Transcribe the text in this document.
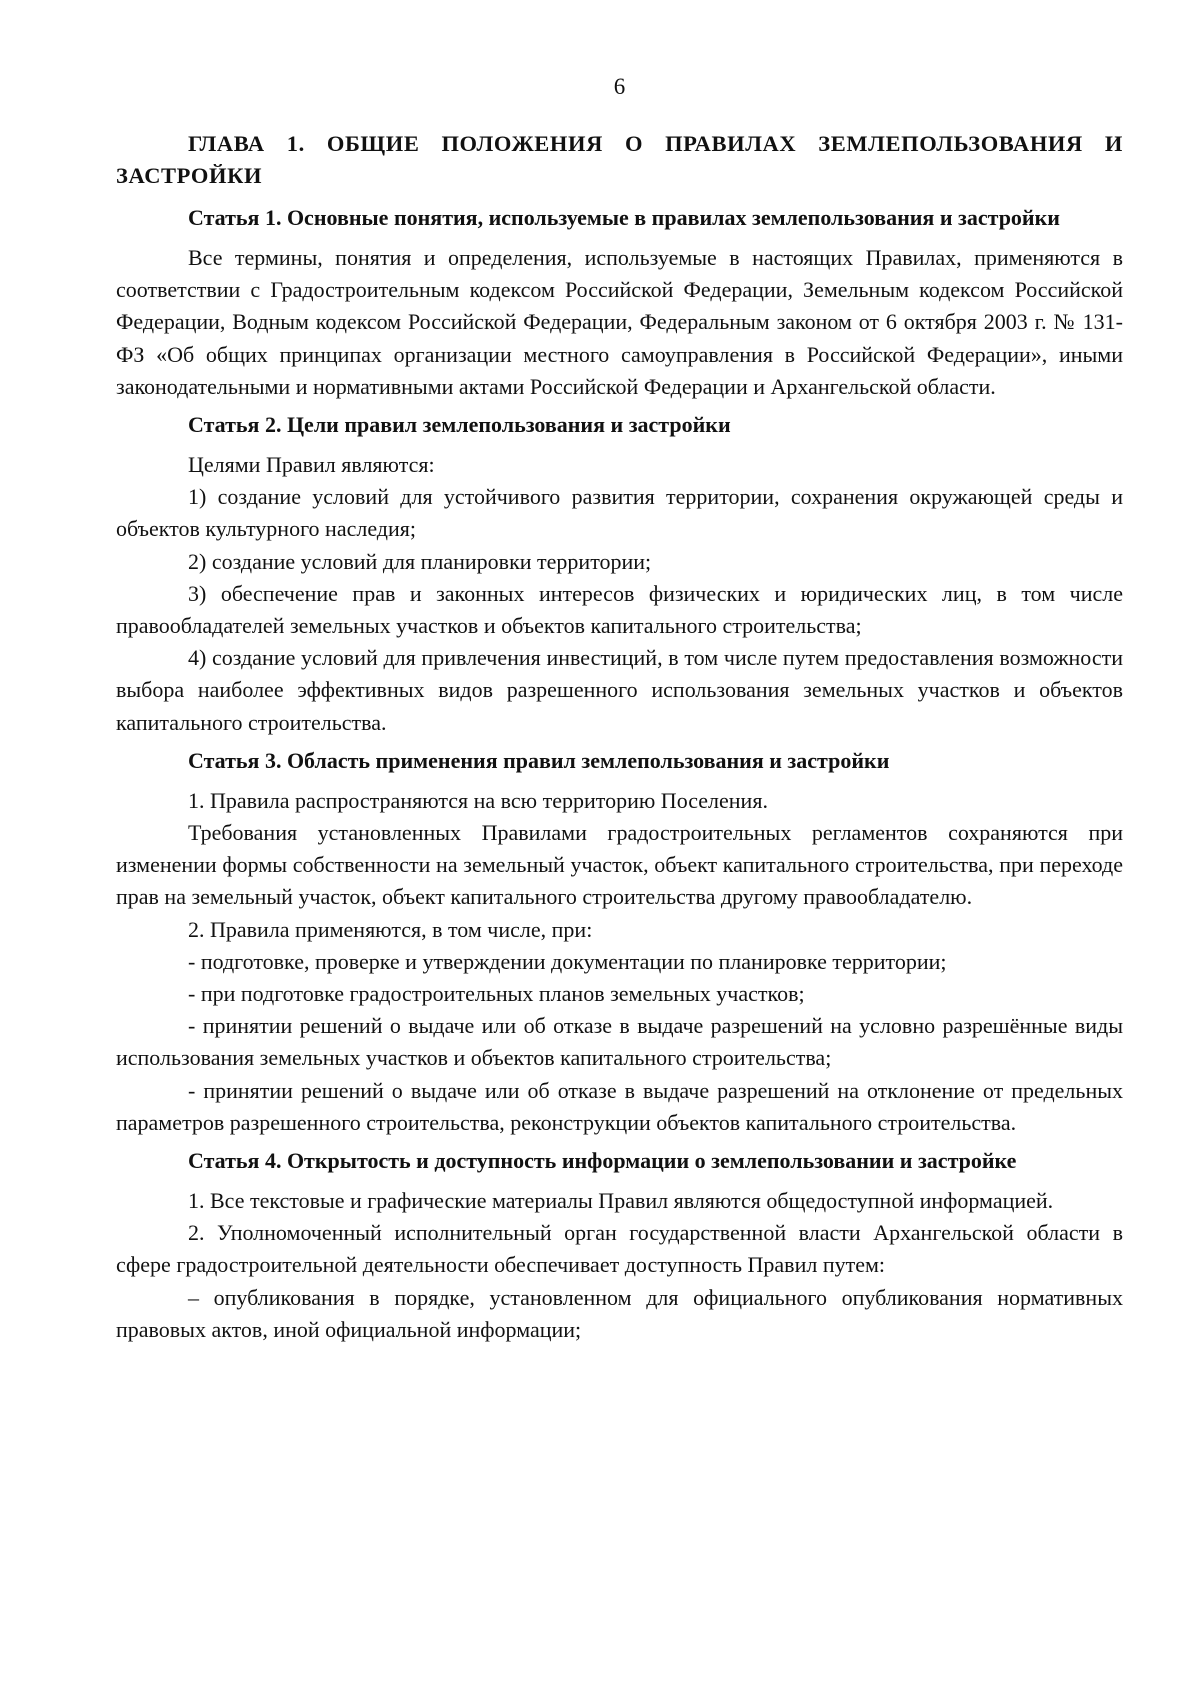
6
ГЛАВА 1. ОБЩИЕ ПОЛОЖЕНИЯ О ПРАВИЛАХ ЗЕМЛЕПОЛЬЗОВАНИЯ И ЗАСТРОЙКИ
Статья 1. Основные понятия, используемые в правилах землепользования и застройки

Все термины, понятия и определения, используемые в настоящих Правилах, применяются в соответствии с Градостроительным кодексом Российской Федерации, Земельным кодексом Российской Федерации, Водным кодексом Российской Федерации, Федеральным законом от 6 октября 2003 г. № 131-ФЗ «Об общих принципах организации местного самоуправления в Российской Федерации», иными законодательными и нормативными актами Российской Федерации и Архангельской области.

Статья 2. Цели правил землепользования и застройки

Целями Правил являются:

1) создание условий для устойчивого развития территории, сохранения окружающей среды и объектов культурного наследия;

2) создание условий для планировки территории;

3) обеспечение прав и законных интересов физических и юридических лиц, в том числе правообладателей земельных участков и объектов капитального строительства;

4) создание условий для привлечения инвестиций, в том числе путем предоставления возможности выбора наиболее эффективных видов разрешенного использования земельных участков и объектов капитального строительства.

Статья 3. Область применения правил землепользования и застройки

1. Правила распространяются на всю территорию Поселения.

Требования установленных Правилами градостроительных регламентов сохраняются при изменении формы собственности на земельный участок, объект капитального строительства, при переходе прав на земельный участок, объект капитального строительства другому правообладателю.

2. Правила применяются, в том числе, при:

- подготовке, проверке и утверждении документации по планировке территории;

- при подготовке градостроительных планов земельных участков;

- принятии решений о выдаче или об отказе в выдаче разрешений на условно разрешённые виды использования земельных участков и объектов капитального строительства;

- принятии решений о выдаче или об отказе в выдаче разрешений на отклонение от предельных параметров разрешенного строительства, реконструкции объектов капитального строительства.

Статья 4. Открытость и доступность информации о землепользовании и застройке

1. Все текстовые и графические материалы Правил являются общедоступной информацией.

2. Уполномоченный исполнительный орган государственной власти Архангельской области в сфере градостроительной деятельности обеспечивает доступность Правил путем:

– опубликования в порядке, установленном для официального опубликования нормативных правовых актов, иной официальной информации;
